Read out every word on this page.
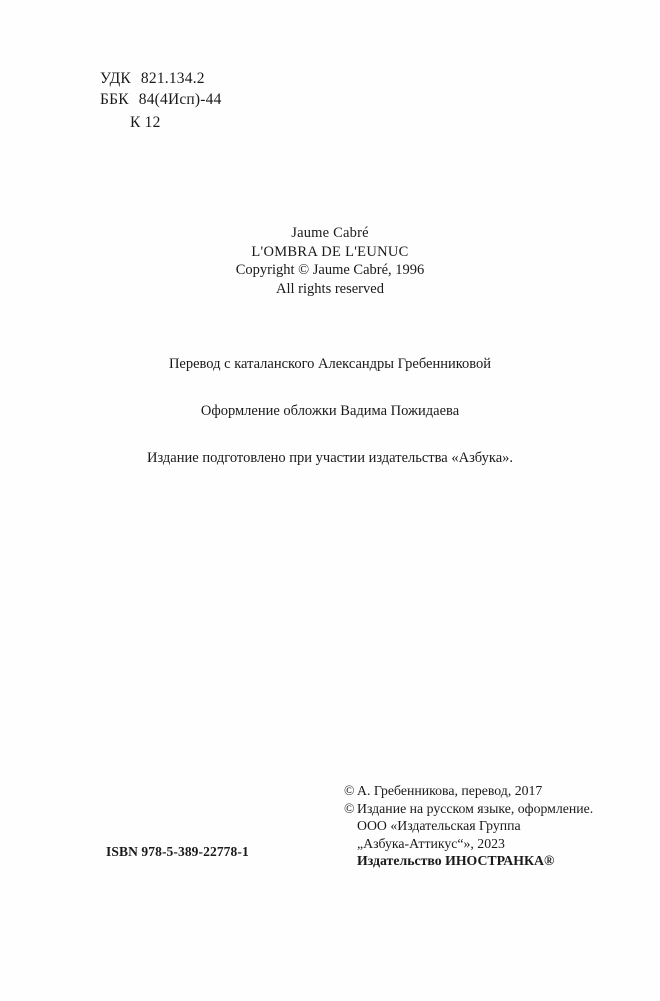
УДК 821.134.2
ББК 84(4Исп)-44
К 12
Jaume Cabré
L'OMBRA DE L'EUNUC
Copyright © Jaume Cabré, 1996
All rights reserved
Перевод с каталанского Александры Гребенниковой
Оформление обложки Вадима Пожидаева
Издание подготовлено при участии издательства «Азбука».
© А. Гребенникова, перевод, 2017
© Издание на русском языке, оформление.
ООО «Издательская Группа
„Азбука-Аттикус“», 2023
Издательство ИНОСТРАНКА®
ISBN 978-5-389-22778-1
